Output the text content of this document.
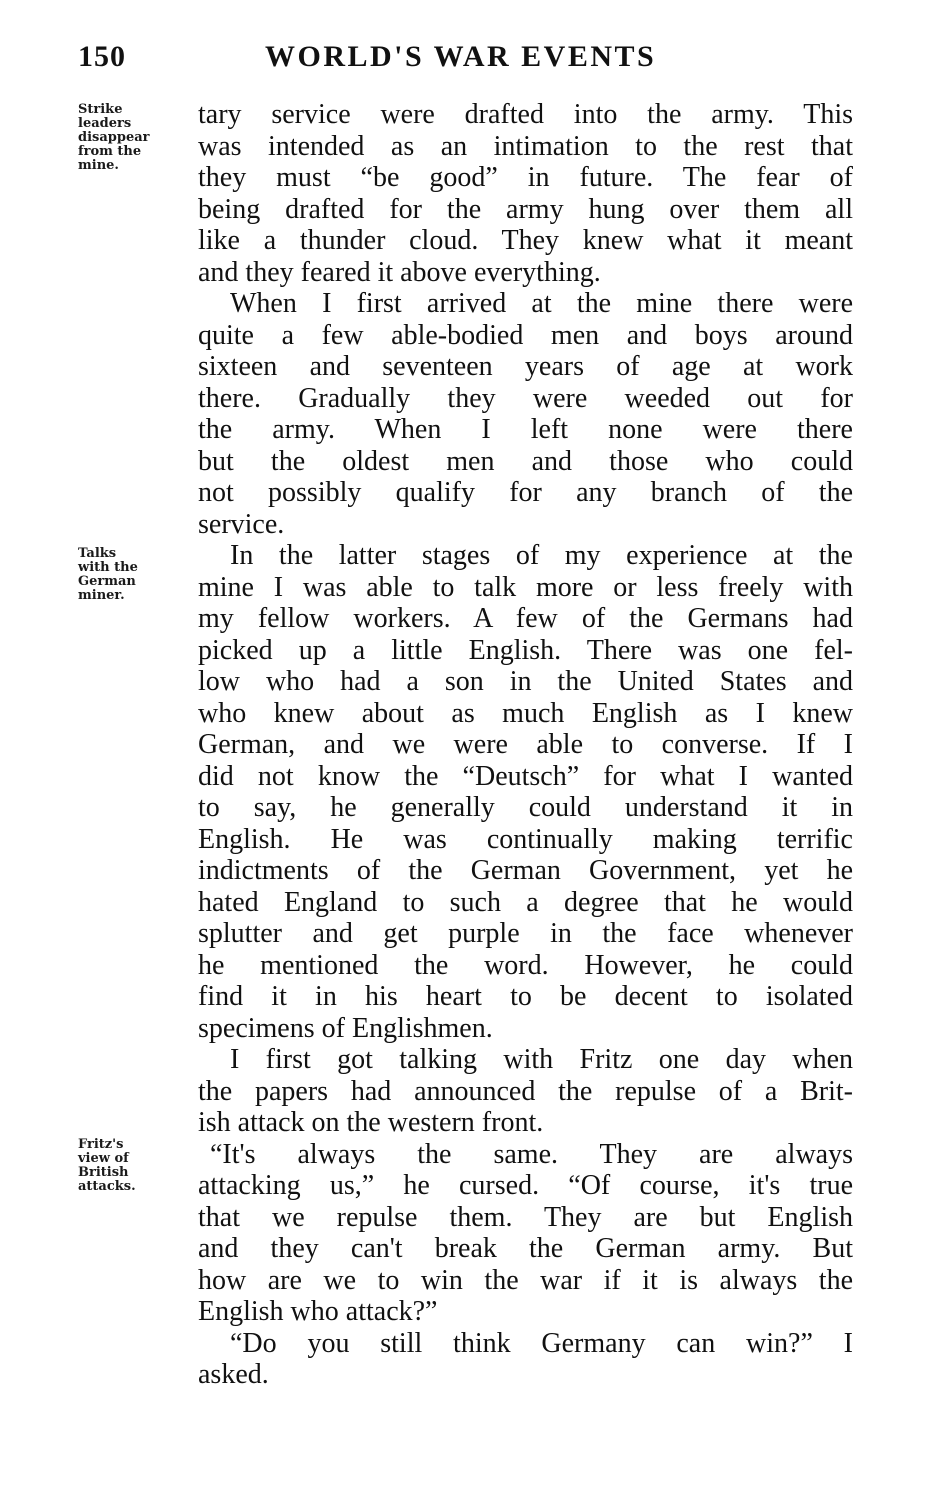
150	WORLD'S WAR EVENTS
Strike
leaders
disappear
from the
mine.
Talks
with the
German
miner.
Fritz's
view of
British
attacks.

tary service were drafted into the army. This
was intended as an intimation to the rest that
they must “be good” in future. The fear of
being drafted for the army hung over them all
like a thunder cloud. They knew what it meant
and they feared it above everything.

When I first arrived at the mine there were
quite a few able-bodied men and boys around
sixteen and seventeen years of age at work
there. Gradually they were weeded out for
the army. When I left none were there
but the oldest men and those who could
not possibly qualify for any branch of the
service.

In the latter stages of my experience at the
mine I was able to talk more or less freely with
my fellow workers. A few of the Germans had
picked up a little English. There was one fel-
low who had a son in the United States and
who knew about as much English as I knew
German, and we were able to converse. If I
did not know the “Deutsch” for what I wanted
to say, he generally could understand it in
English. He was continually making terrific
indictments of the German Government, yet he
hated England to such a degree that he would
splutter and get purple in the face whenever
he mentioned the word. However, he could
find it in his heart to be decent to isolated
specimens of Englishmen.

I first got talking with Fritz one day when
the papers had announced the repulse of a Brit-
ish attack on the western front.

“It's always the same. They are always
attacking us,” he cursed. “Of course, it's true
that we repulse them. They are but English
and they can't break the German army. But
how are we to win the war if it is always the
English who attack?”

“Do you still think Germany can win?” I
asked.
